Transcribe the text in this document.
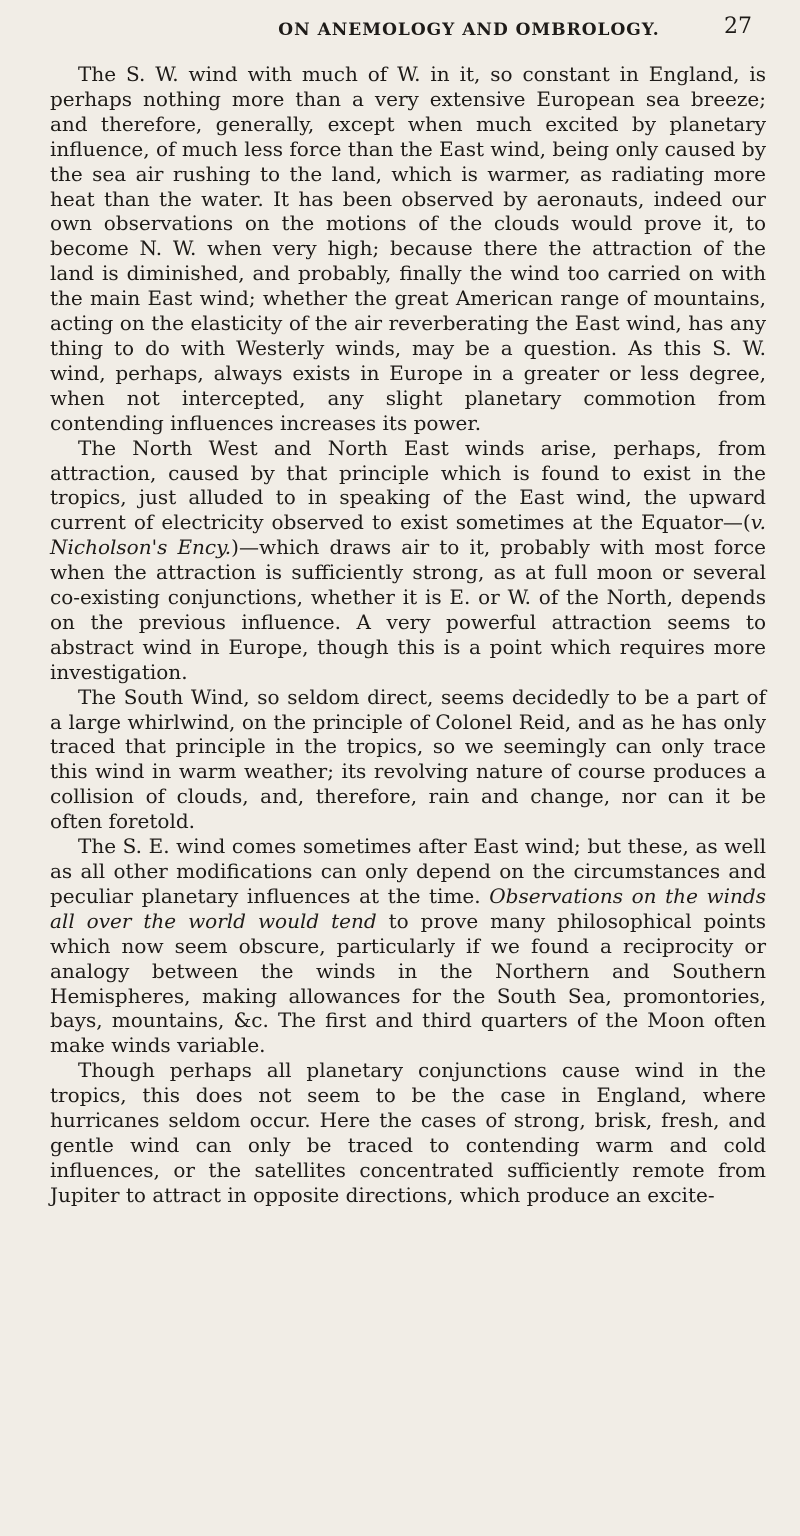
ON ANEMOLOGY AND OMBROLOGY.	27

The S. W. wind with much of W. in it, so constant in England, is perhaps nothing more than a very extensive European sea breeze; and therefore, generally, except when much excited by planetary influence, of much less force than the East wind, being only caused by the sea air rushing to the land, which is warmer, as radiating more heat than the water. It has been observed by aeronauts, indeed our own observations on the motions of the clouds would prove it, to become N. W. when very high; because there the attraction of the land is diminished, and probably, finally the wind too carried on with the main East wind; whether the great American range of mountains, acting on the elasticity of the air reverberating the East wind, has any thing to do with Westerly winds, may be a question. As this S. W. wind, perhaps, always exists in Europe in a greater or less degree, when not intercepted, any slight planetary commotion from contending influences increases its power.

The North West and North East winds arise, perhaps, from attraction, caused by that principle which is found to exist in the tropics, just alluded to in speaking of the East wind, the upward current of electricity observed to exist sometimes at the Equator—(v. Nicholson's Ency.)—which draws air to it, probably with most force when the attraction is sufficiently strong, as at full moon or several co-existing conjunctions, whether it is E. or W. of the North, depends on the previous influence. A very powerful attraction seems to abstract wind in Europe, though this is a point which requires more investigation.

The South Wind, so seldom direct, seems decidedly to be a part of a large whirlwind, on the principle of Colonel Reid, and as he has only traced that principle in the tropics, so we seemingly can only trace this wind in warm weather; its revolving nature of course produces a collision of clouds, and, therefore, rain and change, nor can it be often foretold.

The S. E. wind comes sometimes after East wind; but these, as well as all other modifications can only depend on the circumstances and peculiar planetary influences at the time. Observations on the winds all over the world would tend to prove many philosophical points which now seem obscure, particularly if we found a reciprocity or analogy between the winds in the Northern and Southern Hemispheres, making allowances for the South Sea, promontories, bays, mountains, &c. The first and third quarters of the Moon often make winds variable.

Though perhaps all planetary conjunctions cause wind in the tropics, this does not seem to be the case in England, where hurricanes seldom occur. Here the cases of strong, brisk, fresh, and gentle wind can only be traced to contending warm and cold influences, or the satellites concentrated sufficiently remote from Jupiter to attract in opposite directions, which produce an excite-
